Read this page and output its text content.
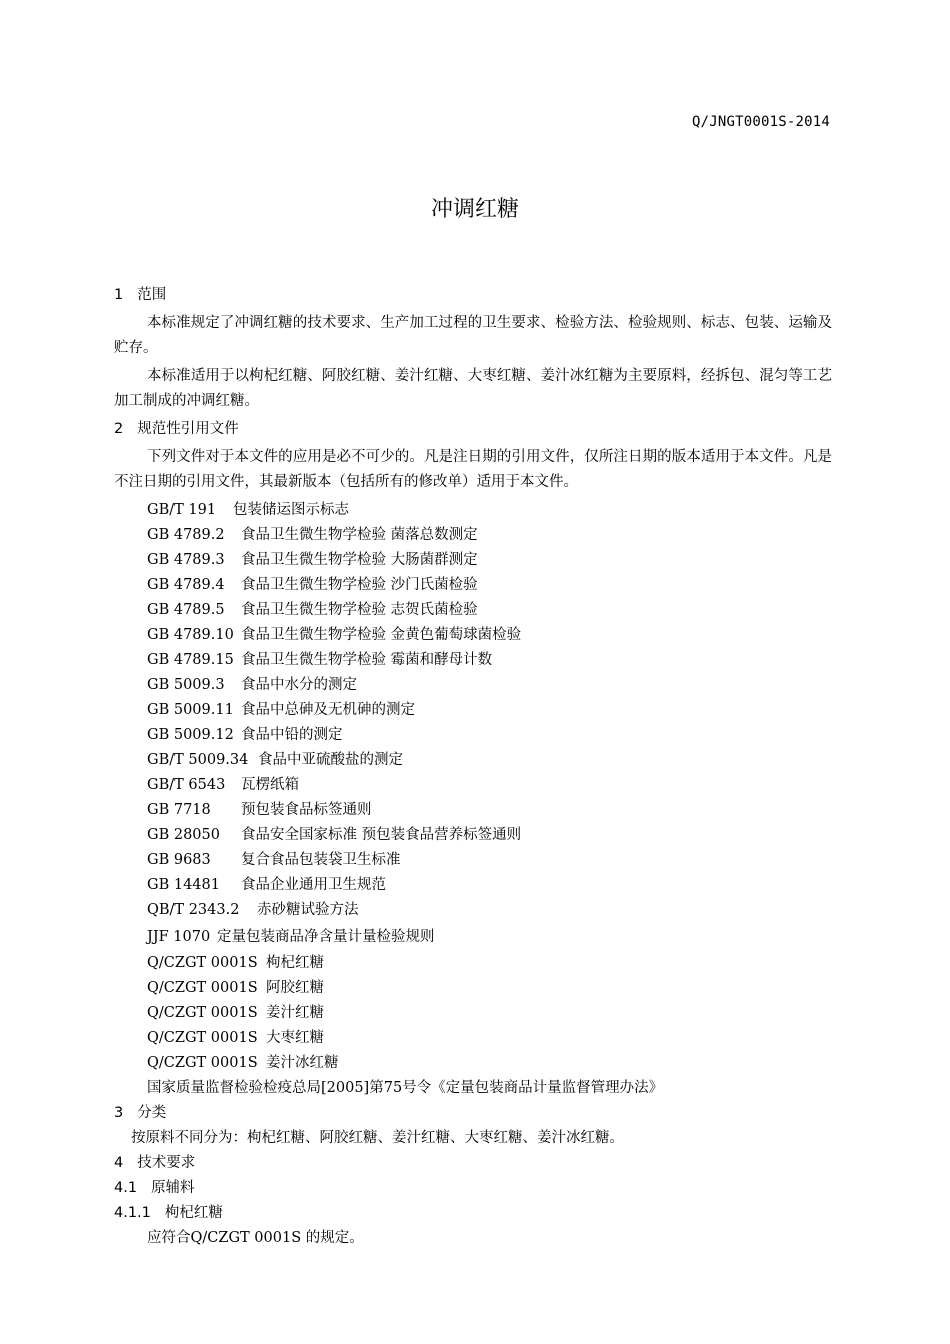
Q/JNGT0001S-2014
冲调红糖
1 范围

本标准规定了冲调红糖的技术要求、生产加工过程的卫生要求、检验方法、检验规则、标志、包装、运输及贮存。

本标准适用于以枸杞红糖、阿胶红糖、姜汁红糖、大枣红糖、姜汁冰红糖为主要原料，经拆包、混匀等工艺加工制成的冲调红糖。

2 规范性引用文件

下列文件对于本文件的应用是必不可少的。凡是注日期的引用文件，仅所注日期的版本适用于本文件。凡是不注日期的引用文件，其最新版本（包括所有的修改单）适用于本文件。

GB/T 191 包装储运图示标志
GB 4789.2 食品卫生微生物学检验 菌落总数测定
GB 4789.3 食品卫生微生物学检验 大肠菌群测定
GB 4789.4 食品卫生微生物学检验 沙门氏菌检验
GB 4789.5 食品卫生微生物学检验 志贺氏菌检验
GB 4789.10 食品卫生微生物学检验 金黄色葡萄球菌检验
GB 4789.15 食品卫生微生物学检验 霉菌和酵母计数
GB 5009.3 食品中水分的测定
GB 5009.11 食品中总砷及无机砷的测定
GB 5009.12 食品中铅的测定
GB/T 5009.34 食品中亚硫酸盐的测定
GB/T 6543 瓦楞纸箱
GB 7718 预包装食品标签通则
GB 28050 食品安全国家标准 预包装食品营养标签通则
GB 9683 复合食品包装袋卫生标准
GB 14481 食品企业通用卫生规范
QB/T 2343.2 赤砂糖试验方法
JJF 1070 定量包装商品净含量计量检验规则
Q/CZGT 0001S 枸杞红糖
Q/CZGT 0001S 阿胶红糖
Q/CZGT 0001S 姜汁红糖
Q/CZGT 0001S 大枣红糖
Q/CZGT 0001S 姜汁冰红糖
国家质量监督检验检疫总局[2005]第75号令《定量包装商品计量监督管理办法》
3 分类
按原料不同分为：枸杞红糖、阿胶红糖、姜汁红糖、大枣红糖、姜汁冰红糖。
4 技术要求
4.1 原辅料
4.1.1 枸杞红糖
应符合Q/CZGT 0001S 的规定。
